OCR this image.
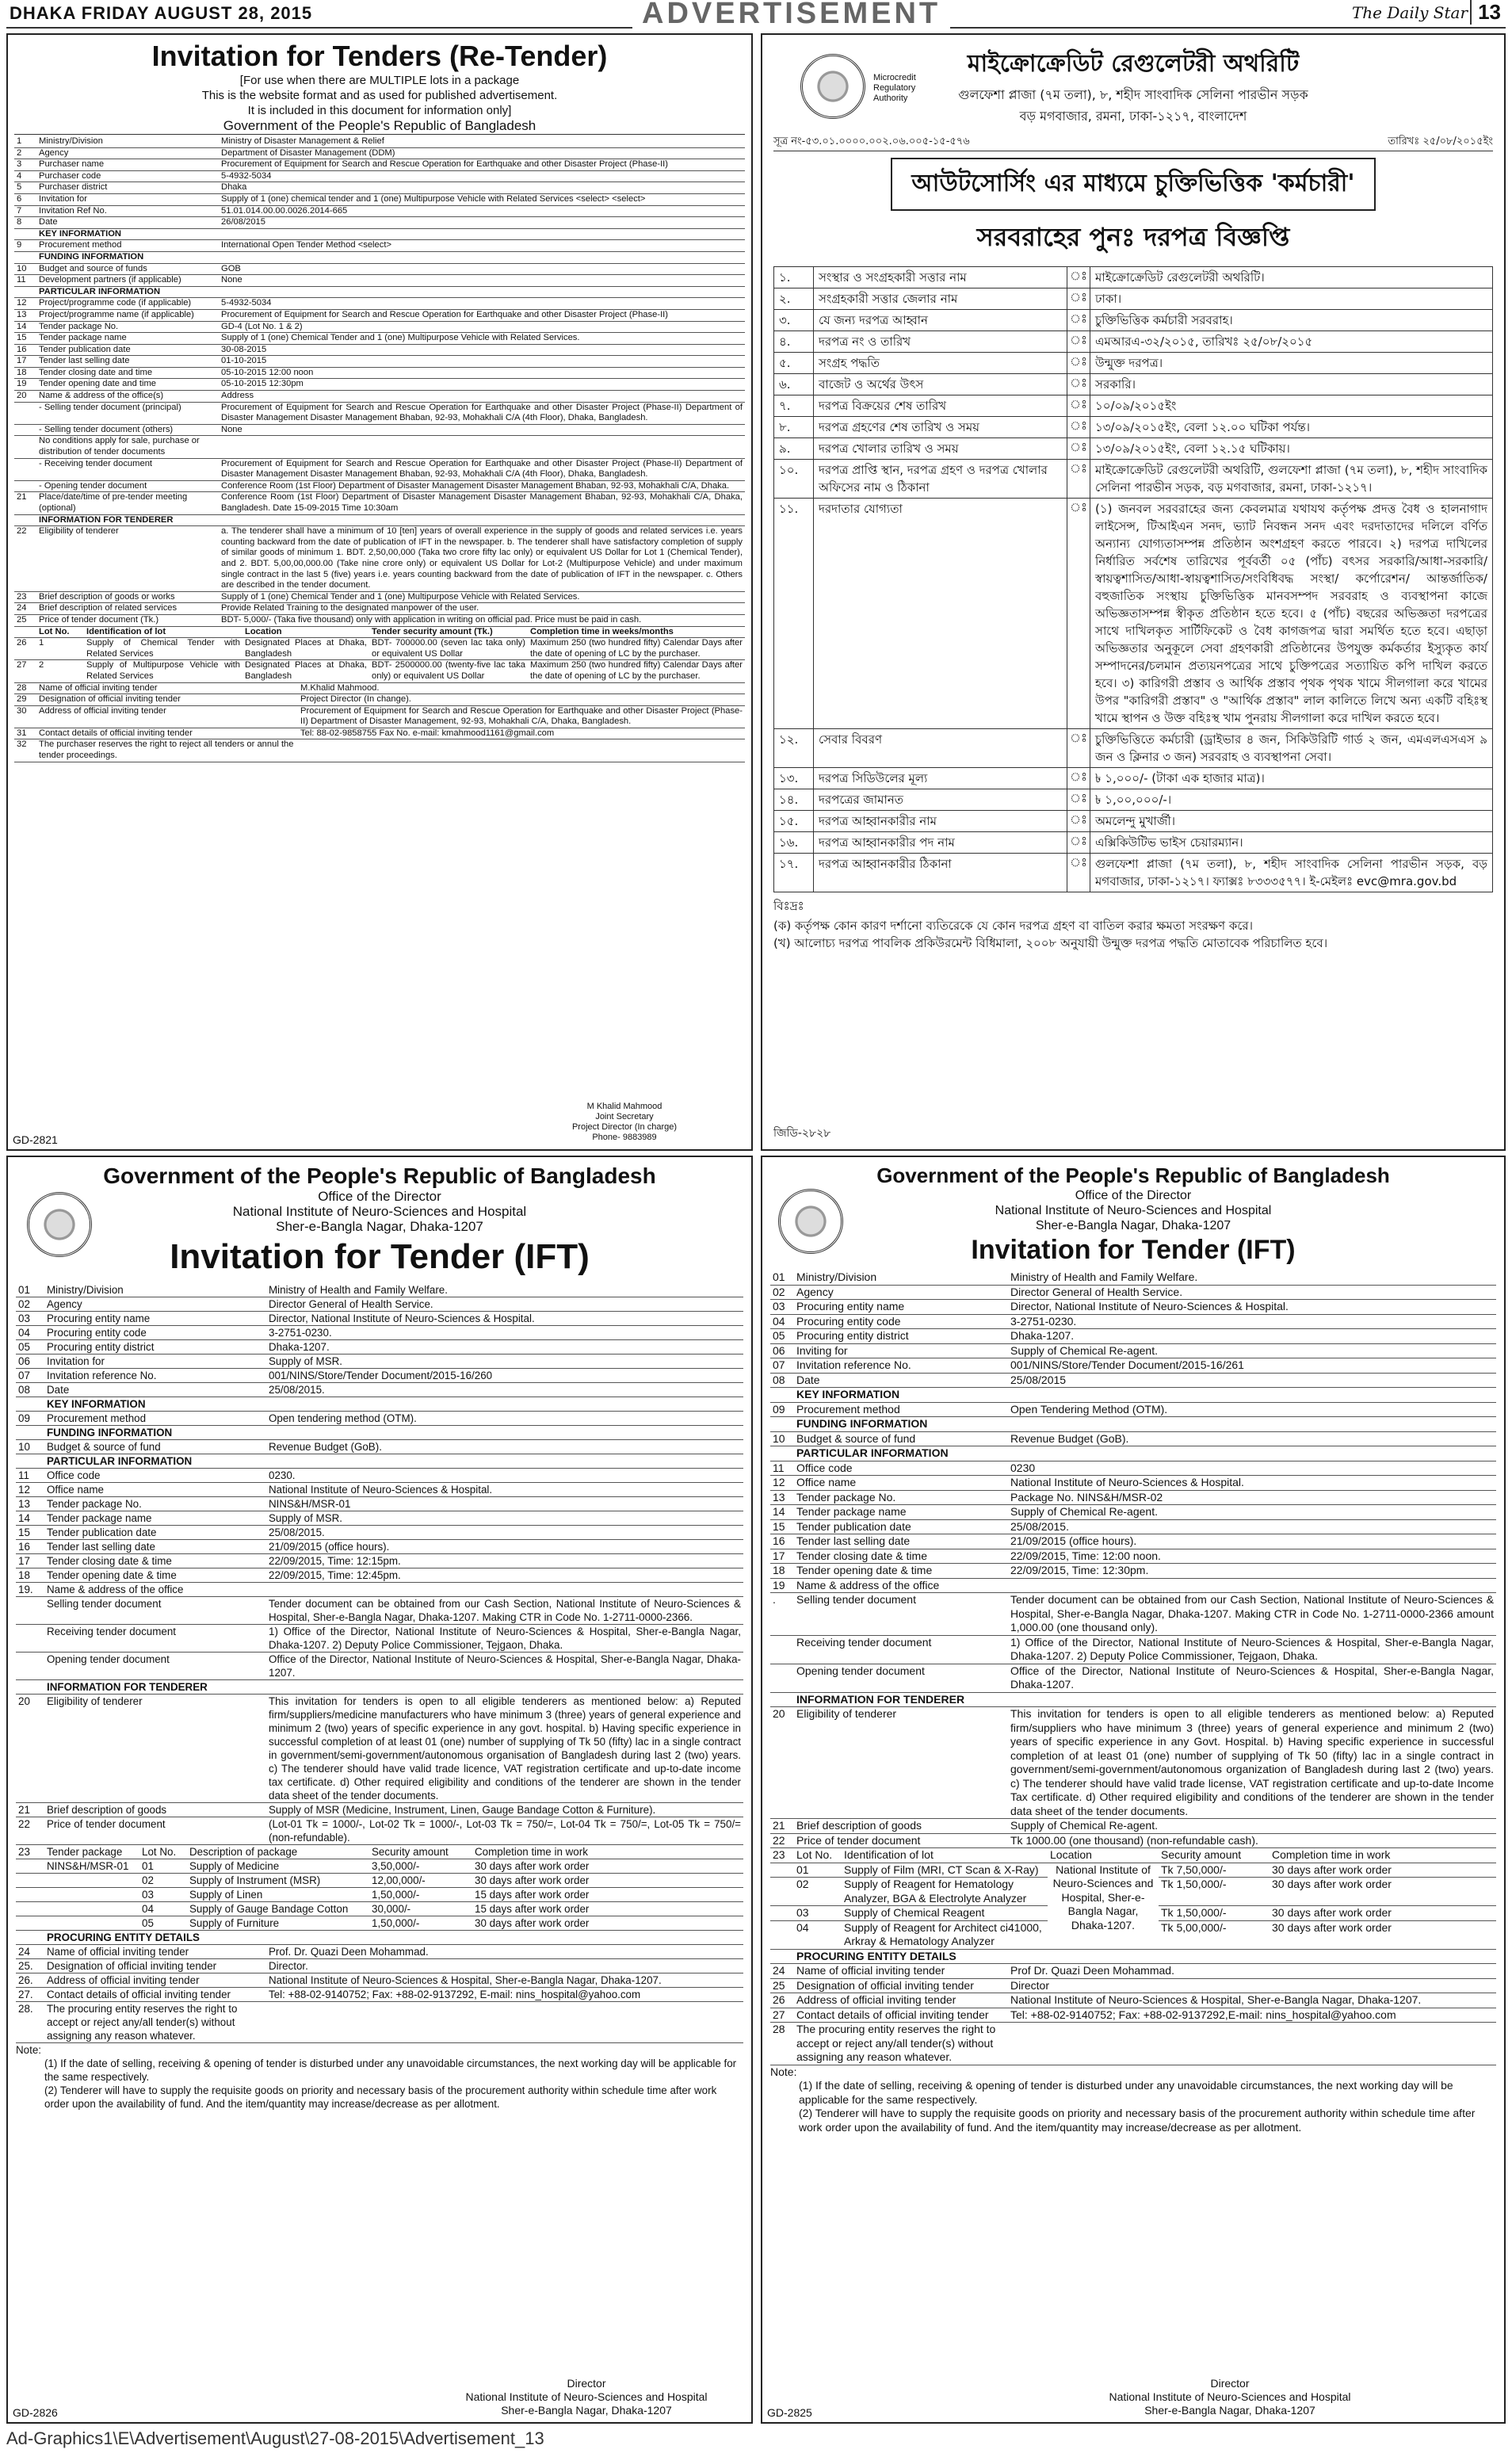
DHAKA FRIDAY AUGUST 28, 2015	ADVERTISEMENT	The Daily Star 13
Invitation for Tenders (Re-Tender)
[For use when there are MULTIPLE lots in a package
This is the website format and as used for published advertisement.
It is included in this document for information only]
Government of the People's Republic of Bangladesh
1	Ministry/Division	Ministry of Disaster Management & Relief
2	Agency	Department of Disaster Management (DDM)
3	Purchaser name	Procurement of Equipment for Search and Rescue Operation for Earthquake and other Disaster Project (Phase-II)
4	Purchaser code	5-4932-5034
5	Purchaser district	Dhaka
6	Invitation for	Supply of 1 (one) chemical tender and 1 (one) Multipurpose Vehicle with Related Services <select> <select>
7	Invitation Ref No.	51.01.014.00.00.0026.2014-665
8	Date	26/08/2015
	KEY INFORMATION	
9	Procurement method	International Open Tender Method <select>
	FUNDING INFORMATION	
10	Budget and source of funds	GOB
11	Development partners (if applicable)	None
	PARTICULAR INFORMATION	
12	Project/programme code (if applicable)	5-4932-5034
13	Project/programme name (if applicable)	Procurement of Equipment for Search and Rescue Operation for Earthquake and other Disaster Project (Phase-II)
14	Tender package No.	GD-4 (Lot No. 1 & 2)
15	Tender package name	Supply of 1 (one) Chemical Tender and 1 (one) Multipurpose Vehicle with Related Services.
16	Tender publication date	30-08-2015
17	Tender last selling date	01-10-2015
18	Tender closing date and time	05-10-2015 12:00 noon
19	Tender opening date and time	05-10-2015 12:30pm
20	Name & address of the office(s)	Address
	- Selling tender document (principal)	Procurement of Equipment for Search and Rescue Operation for Earthquake and other Disaster Project (Phase-II) Department of Disaster Management Disaster Management Bhaban, 92-93, Mohakhali C/A (4th Floor), Dhaka, Bangladesh.
	- Selling tender document (others)	None
	No conditions apply for sale, purchase or distribution of tender documents	
	- Receiving tender document	Procurement of Equipment for Search and Rescue Operation for Earthquake and other Disaster Project (Phase-II) Department of Disaster Management Disaster Management Bhaban, 92-93, Mohakhali C/A (4th Floor), Dhaka, Bangladesh.
	- Opening tender document	Conference Room (1st Floor) Department of Disaster Management Disaster Management Bhaban, 92-93, Mohakhali C/A, Dhaka.
21	Place/date/time of pre-tender meeting (optional)	Conference Room (1st Floor) Department of Disaster Management Disaster Management Bhaban, 92-93, Mohakhali C/A, Dhaka, Bangladesh. Date 15-09-2015 Time 10:30am
	INFORMATION FOR TENDERER	
22	Eligibility of tenderer	a. The tenderer shall have a minimum of 10 [ten] years of overall experience in the supply of goods and related services i.e. years counting backward from the date of publication of IFT in the newspaper. b. The tenderer shall have satisfactory completion of supply of similar goods of minimum 1. BDT. 2,50,00,000 (Taka two crore fifty lac only) or equivalent US Dollar for Lot 1 (Chemical Tender), and 2. BDT. 5,00,00,000.00 (Take nine crore only) or equivalent US Dollar for Lot-2 (Multipurpose Vehicle) and under maximum single contract in the last 5 (five) years i.e. years counting backward from the date of publication of IFT in the newspaper. c. Others are described in the tender document.
23	Brief description of goods or works	Supply of 1 (one) Chemical Tender and 1 (one) Multipurpose Vehicle with Related Services.
24	Brief description of related services	Provide Related Training to the designated manpower of the user.
25	Price of tender document (Tk.)	BDT- 5,000/- (Taka five thousand) only with application in writing on official pad. Price must be paid in cash.
	Lot No.	Identification of lot	Location	Tender security amount (Tk.)	Completion time in weeks/months
26	1	Supply of Chemical Tender with Related Services	Designated Places at Dhaka, Bangladesh	BDT- 700000.00 (seven lac taka only) or equivalent US Dollar	Maximum 250 (two hundred fifty) Calendar Days after the date of opening of LC by the purchaser.
27	2	Supply of Multipurpose Vehicle with Related Services	Designated Places at Dhaka, Bangladesh	BDT- 2500000.00 (twenty-five lac taka only) or equivalent US Dollar	Maximum 250 (two hundred fifty) Calendar Days after the date of opening of LC by the purchaser.
28	Name of official inviting tender	M.Khalid Mahmood.
29	Designation of official inviting tender	Project Director (In change).
30	Address of official inviting tender	Procurement of Equipment for Search and Rescue Operation for Earthquake and other Disaster Project (Phase-II) Department of Disaster Management, 92-93, Mohakhali C/A, Dhaka, Bangladesh.
31	Contact details of official inviting tender	Tel: 88-02-9858755 Fax No. e-mail: kmahmood1161@gmail.com
32	The purchaser reserves the right to reject all tenders or annul the tender proceedings.	
M Khalid Mahmood
Joint Secretary
Project Director (In charge)
Phone- 9883989
GD-2821
Microcredit Regulatory Authority
মাইক্রোক্রেডিট রেগুলেটরী অথরিটি
গুলফেশা প্লাজা (৭ম তলা), ৮, শহীদ সাংবাদিক সেলিনা পারভীন সড়ক
বড় মগবাজার, রমনা, ঢাকা-১২১৭, বাংলাদেশ
সূত্র নং-৫৩.০১.০০০০.০০২.০৬.০০৫-১৫-৫৭৬	তারিখঃ ২৫/০৮/২০১৫ইং
আউটসোর্সিং এর মাধ্যমে চুক্তিভিত্তিক 'কর্মচারী'
সরবরাহের পুনঃ দরপত্র বিজ্ঞপ্তি
১.	সংস্থার ও সংগ্রহকারী সত্তার নাম	ঃ	মাইক্রোক্রেডিট রেগুলেটরী অথরিটি।
২.	সংগ্রহকারী সত্তার জেলার নাম	ঃ	ঢাকা।
৩.	যে জন্য দরপত্র আহ্বান	ঃ	চুক্তিভিত্তিক কর্মচারী সরবরাহ।
৪.	দরপত্র নং ও তারিখ	ঃ	এমআরএ-৩২/২০১৫, তারিখঃ ২৫/০৮/২০১৫
৫.	সংগ্রহ পদ্ধতি	ঃ	উন্মুক্ত দরপত্র।
৬.	বাজেট ও অর্থের উৎস	ঃ	সরকারি।
৭.	দরপত্র বিক্রয়ের শেষ তারিখ	ঃ	১০/০৯/২০১৫ইং
৮.	দরপত্র গ্রহণের শেষ তারিখ ও সময়	ঃ	১৩/০৯/২০১৫ইং, বেলা ১২.০০ ঘটিকা পর্যন্ত।
৯.	দরপত্র খোলার তারিখ ও সময়	ঃ	১৩/০৯/২০১৫ইং, বেলা ১২.১৫ ঘটিকায়।
১০.	দরপত্র প্রাপ্তি স্থান, দরপত্র গ্রহণ ও দরপত্র খোলার অফিসের নাম ও ঠিকানা	ঃ	মাইক্রোক্রেডিট রেগুলেটরী অথরিটি, গুলফেশা প্লাজা (৭ম তলা), ৮, শহীদ সাংবাদিক সেলিনা পারভীন সড়ক, বড় মগবাজার, রমনা, ঢাকা-১২১৭।
১১.	দরদাতার যোগ্যতা	ঃ	(১) জনবল সরবরাহের জন্য কেবলমাত্র যথাযথ কর্তৃপক্ষ প্রদত্ত বৈধ ও হালনাগাদ লাইসেন্স, টিআইএন সনদ, ভ্যাট নিবন্ধন সনদ এবং দরদাতাদের দলিলে বর্ণিত অন্যান্য যোগ্যতাসম্পন্ন প্রতিষ্ঠান অংশগ্রহণ করতে পারবে। ২) দরপত্র দাখিলের নির্ধারিত সর্বশেষ তারিখের পূর্ববর্তী ০৫ (পাঁচ) বৎসর সরকারি/আধা-সরকারি/স্বায়ত্বশাসিত/আধা-স্বায়ত্বশাসিত/সংবিধিবদ্ধ সংস্থা/ কর্পোরেশন/ আন্তর্জাতিক/বহুজাতিক সংস্থায় চুক্তিভিত্তিক মানবসম্পদ সরবরাহ ও ব্যবস্থাপনা কাজে অভিজ্ঞতাসম্পন্ন স্বীকৃত প্রতিষ্ঠান হতে হবে। ৫ (পাঁচ) বছরের অভিজ্ঞতা দরপত্রের সাথে দাখিলকৃত সার্টিফিকেট ও বৈধ কাগজপত্র দ্বারা সমর্থিত হতে হবে। এছাড়া অভিজ্ঞতার অনুকূলে সেবা গ্রহণকারী প্রতিষ্ঠানের উপযুক্ত কর্মকর্তার ইস্যুকৃত কার্য সম্পাদনের/চলমান প্রত্যয়নপত্রের সাথে চুক্তিপত্রের সত্যায়িত কপি দাখিল করতে হবে। ৩) কারিগরী প্রস্তাব ও আর্থিক প্রস্তাব পৃথক পৃথক খামে সীলগালা করে খামের উপর "কারিগরী প্রস্তাব" ও "আর্থিক প্রস্তাব" লাল কালিতে লিখে অন্য একটি বহিঃস্থ খামে স্থাপন ও উক্ত বহিঃস্থ খাম পুনরায় সীলগালা করে দাখিল করতে হবে।
১২.	সেবার বিবরণ	ঃ	চুক্তিভিত্তিতে কর্মচারী (ড্রাইভার ৪ জন, সিকিউরিটি গার্ড ২ জন, এমএলএসএস ৯ জন ও ক্লিনার ৩ জন) সরবরাহ ও ব্যবস্থাপনা সেবা।
১৩.	দরপত্র সিডিউলের মূল্য	ঃ	৳ ১,০০০/- (টাকা এক হাজার মাত্র)।
১৪.	দরপত্রের জামানত	ঃ	৳ ১,০০,০০০/-।
১৫.	দরপত্র আহ্বানকারীর নাম	ঃ	অমলেন্দু মুখার্জী।
১৬.	দরপত্র আহ্বানকারীর পদ নাম	ঃ	এক্সিকিউটিভ ভাইস চেয়ারম্যান।
১৭.	দরপত্র আহ্বানকারীর ঠিকানা	ঃ	গুলফেশা প্লাজা (৭ম তলা), ৮, শহীদ সাংবাদিক সেলিনা পারভীন সড়ক, বড় মগবাজার, ঢাকা-১২১৭। ফ্যাক্সঃ ৮৩৩৩৫৭৭। ই-মেইলঃ evc@mra.gov.bd
বিঃদ্রঃ
(ক) কর্তৃপক্ষ কোন কারণ দর্শানো ব্যতিরেকে যে কোন দরপত্র গ্রহণ বা বাতিল করার ক্ষমতা সংরক্ষণ করে।
(খ) আলোচ্য দরপত্র পাবলিক প্রকিউরমেন্ট বিধিমালা, ২০০৮ অনুযায়ী উন্মুক্ত দরপত্র পদ্ধতি মোতাবেক পরিচালিত হবে।
জিডি-২৮২৮
Government of the People's Republic of Bangladesh
Office of the Director
National Institute of Neuro-Sciences and Hospital
Sher-e-Bangla Nagar, Dhaka-1207
Invitation for Tender (IFT)
01	Ministry/Division	Ministry of Health and Family Welfare.
02	Agency	Director General of Health Service.
03	Procuring entity name	Director, National Institute of Neuro-Sciences & Hospital.
04	Procuring entity code	3-2751-0230.
05	Procuring entity district	Dhaka-1207.
06	Invitation for	Supply of MSR.
07	Invitation reference No.	001/NINS/Store/Tender Document/2015-16/260
08	Date	25/08/2015.
	KEY INFORMATION	
09	Procurement method	Open tendering method (OTM).
	FUNDING INFORMATION	
10	Budget & source of fund	Revenue Budget (GoB).
	PARTICULAR INFORMATION	
11	Office code	0230.
12	Office name	National Institute of Neuro-Sciences & Hospital.
13	Tender package No.	NINS&H/MSR-01
14	Tender package name	Supply of MSR.
15	Tender publication date	25/08/2015.
16	Tender last selling date	21/09/2015 (office hours).
17	Tender closing date & time	22/09/2015, Time: 12:15pm.
18	Tender opening date & time	22/09/2015, Time: 12:45pm.
19.	Name & address of the office	
	Selling tender document	Tender document can be obtained from our Cash Section, National Institute of Neuro-Sciences & Hospital, Sher-e-Bangla Nagar, Dhaka-1207. Making CTR in Code No. 1-2711-0000-2366.
	Receiving tender document	1) Office of the Director, National Institute of Neuro-Sciences & Hospital, Sher-e-Bangla Nagar, Dhaka-1207. 2) Deputy Police Commissioner, Tejgaon, Dhaka.
	Opening tender document	Office of the Director, National Institute of Neuro-Sciences & Hospital, Sher-e-Bangla Nagar, Dhaka-1207.
	INFORMATION FOR TENDERER	
20	Eligibility of tenderer	This invitation for tenders is open to all eligible tenderers as mentioned below: a) Reputed firm/suppliers/medicine manufacturers who have minimum 3 (three) years of general experience and minimum 2 (two) years of specific experience in any govt. hospital. b) Having specific experience in successful completion of at least 01 (one) number of supplying of Tk 50 (fifty) lac in a single contract in government/semi-government/autonomous organisation of Bangladesh during last 2 (two) years. c) The tenderer should have valid trade licence, VAT registration certificate and up-to-date income tax certificate. d) Other required eligibility and conditions of the tenderer are shown in the tender data sheet of the tender documents.
21	Brief description of goods	Supply of MSR (Medicine, Instrument, Linen, Gauge Bandage Cotton & Furniture).
22	Price of tender document	(Lot-01 Tk = 1000/-, Lot-02 Tk = 1000/-, Lot-03 Tk = 750/=, Lot-04 Tk = 750/=, Lot-05 Tk = 750/= (non-refundable).
23	Tender package	Lot No.	Description of package	Security amount	Completion time in work
	NINS&H/MSR-01	01	Supply of Medicine	3,50,000/-	30 days after work order
		02	Supply of Instrument (MSR)	12,00,000/-	30 days after work order
		03	Supply of Linen	1,50,000/-	15 days after work order
		04	Supply of Gauge Bandage Cotton	30,000/-	15 days after work order
		05	Supply of Furniture	1,50,000/-	30 days after work order
	PROCURING ENTITY DETAILS	
24	Name of official inviting tender	Prof. Dr. Quazi Deen Mohammad.
25.	Designation of official inviting tender	Director.
26.	Address of official inviting tender	National Institute of Neuro-Sciences & Hospital, Sher-e-Bangla Nagar, Dhaka-1207.
27.	Contact details of official inviting tender	Tel: +88-02-9140752; Fax: +88-02-9137292, E-mail: nins_hospital@yahoo.com
28.	The procuring entity reserves the right to accept or reject any/all tender(s) without assigning any reason whatever.	
Note:
(1) If the date of selling, receiving & opening of tender is disturbed under any unavoidable circumstances, the next working day will be applicable for the same respectively.
(2) Tenderer will have to supply the requisite goods on priority and necessary basis of the procurement authority within schedule time after work order upon the availability of fund. And the item/quantity may increase/decrease as per allotment.
Director
National Institute of Neuro-Sciences and Hospital
Sher-e-Bangla Nagar, Dhaka-1207
GD-2826
Government of the People's Republic of Bangladesh
Office of the Director
National Institute of Neuro-Sciences and Hospital
Sher-e-Bangla Nagar, Dhaka-1207
Invitation for Tender (IFT)
01	Ministry/Division	Ministry of Health and Family Welfare.
02	Agency	Director General of Health Service.
03	Procuring entity name	Director, National Institute of Neuro-Sciences & Hospital.
04	Procuring entity code	3-2751-0230.
05	Procuring entity district	Dhaka-1207.
06	Inviting for	Supply of Chemical Re-agent.
07	Invitation reference No.	001/NINS/Store/Tender Document/2015-16/261
08	Date	25/08/2015
	KEY INFORMATION	
09	Procurement method	Open Tendering Method (OTM).
	FUNDING INFORMATION	
10	Budget & source of fund	Revenue Budget (GoB).
	PARTICULAR INFORMATION	
11	Office code	0230
12	Office name	National Institute of Neuro-Sciences & Hospital.
13	Tender package No.	Package No. NINS&H/MSR-02
14	Tender package name	Supply of Chemical Re-agent.
15	Tender publication date	25/08/2015.
16	Tender last selling date	21/09/2015 (office hours).
17	Tender closing date & time	22/09/2015, Time: 12:00 noon.
18	Tender opening date & time	22/09/2015, Time: 12:30pm.
19	Name & address of the office	
.	Selling tender document	Tender document can be obtained from our Cash Section, National Institute of Neuro-Sciences & Hospital, Sher-e-Bangla Nagar, Dhaka-1207. Making CTR in Code No. 1-2711-0000-2366 amount 1,000.00 (one thousand only).
	Receiving tender document	1) Office of the Director, National Institute of Neuro-Sciences & Hospital, Sher-e-Bangla Nagar, Dhaka-1207. 2) Deputy Police Commissioner, Tejgaon, Dhaka.
	Opening tender document	Office of the Director, National Institute of Neuro-Sciences & Hospital, Sher-e-Bangla Nagar, Dhaka-1207.
	INFORMATION FOR TENDERER	
20	Eligibility of tenderer	This invitation for tenders is open to all eligible tenderers as mentioned below: a) Reputed firm/suppliers who have minimum 3 (three) years of general experience and minimum 2 (two) years of specific experience in any Govt. Hospital. b) Having specific experience in successful completion of at least 01 (one) number of supplying of Tk 50 (fifty) lac in a single contract in government/semi-government/autonomous organization of Bangladesh during last 2 (two) years. c) The tenderer should have valid trade license, VAT registration certificate and up-to-date Income Tax certificate. d) Other required eligibility and conditions of the tenderer are shown in the tender data sheet of the tender documents.
21	Brief description of goods	Supply of Chemical Re-agent.
22	Price of tender document	Tk 1000.00 (one thousand) (non-refundable cash).
23	Lot No.	Identification of lot	Location	Security amount	Completion time in work
	01	Supply of Film (MRI, CT Scan & X-Ray)	National Institute of Neuro-Sciences and Hospital, Sher-e-Bangla Nagar, Dhaka-1207.	Tk 7,50,000/-	30 days after work order
	02	Supply of Reagent for Hematology Analyzer, BGA & Electrolyte Analyzer		Tk 1,50,000/-	30 days after work order
	03	Supply of Chemical Reagent		Tk 1,50,000/-	30 days after work order
	04	Supply of Reagent for Architect ci41000, Arkray & Hematology Analyzer		Tk 5,00,000/-	30 days after work order
	PROCURING ENTITY DETAILS	
24	Name of official inviting tender	Prof Dr. Quazi Deen Mohammad.
25	Designation of official inviting tender	Director
26	Address of official inviting tender	National Institute of Neuro-Sciences & Hospital, Sher-e-Bangla Nagar, Dhaka-1207.
27	Contact details of official inviting tender	Tel: +88-02-9140752; Fax: +88-02-9137292,E-mail: nins_hospital@yahoo.com
28	The procuring entity reserves the right to accept or reject any/all tender(s) without assigning any reason whatever.	
Note:
(1) If the date of selling, receiving & opening of tender is disturbed under any unavoidable circumstances, the next working day will be applicable for the same respectively.
(2) Tenderer will have to supply the requisite goods on priority and necessary basis of the procurement authority within schedule time after work order upon the availability of fund. And the item/quantity may increase/decrease as per allotment.
Director
National Institute of Neuro-Sciences and Hospital
Sher-e-Bangla Nagar, Dhaka-1207
GD-2825
Ad-Graphics1\E\Advertisement\August\27-08-2015\Advertisement_13
